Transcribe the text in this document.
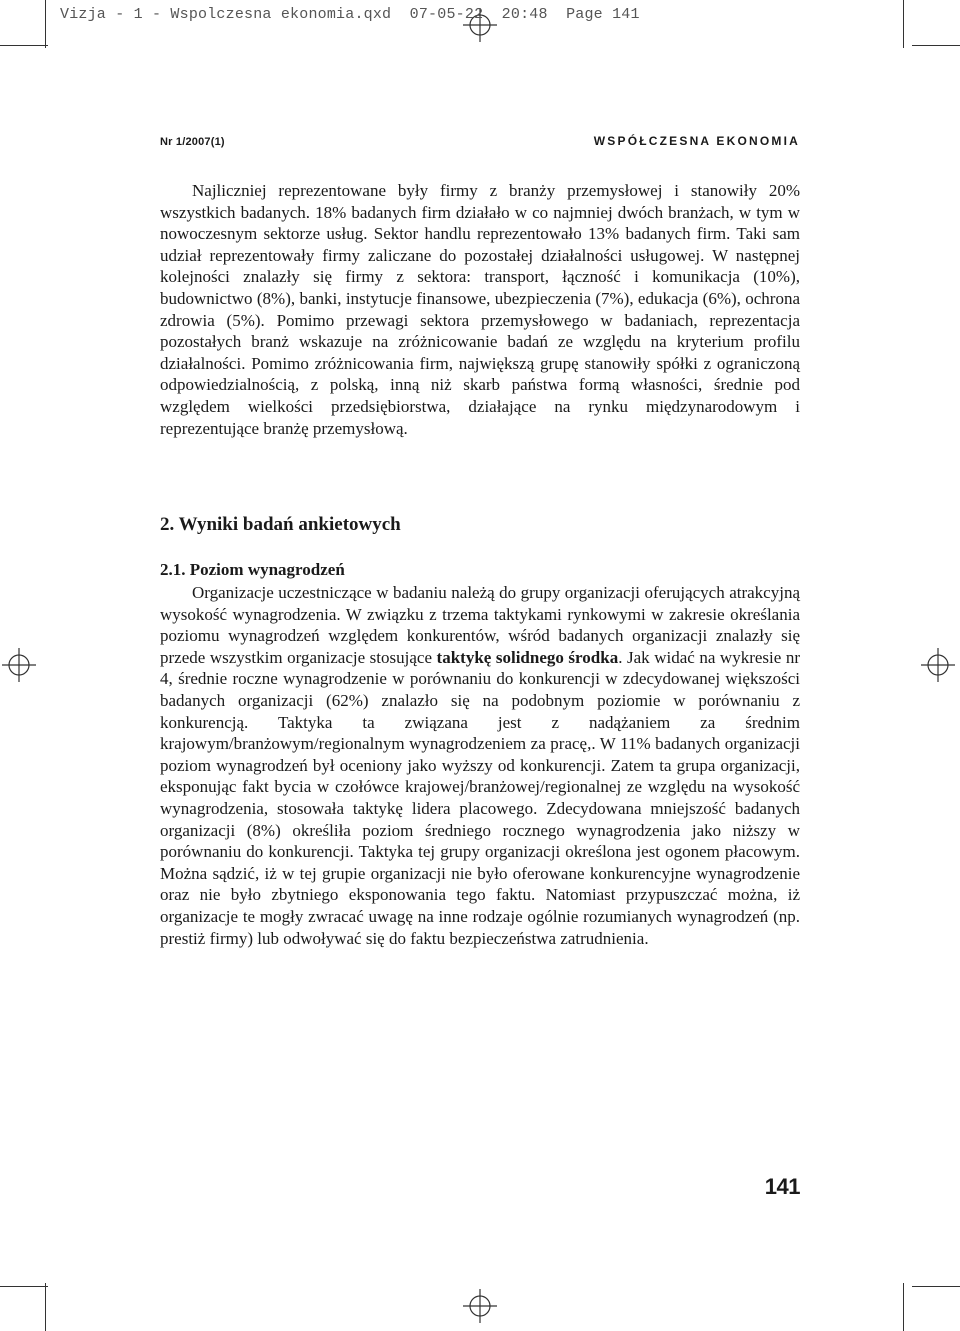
Vizja - 1 - Wspolczesna ekonomia.qxd  07-05-22  20:48  Page 141
Nr 1/2007(1)	WSPÓŁCZESNA EKONOMIA

Najliczniej reprezentowane były firmy z branży przemysłowej i stanowiły 20% wszystkich badanych. 18% badanych firm działało w co najmniej dwóch branżach, w tym w nowoczesnym sektorze usług. Sektor handlu reprezentowało 13% badanych firm. Taki sam udział reprezentowały firmy zaliczane do pozostałej działalności usługowej. W następnej kolejności znalazły się firmy z sektora: transport, łączność i komunikacja (10%), budownictwo (8%), banki, instytucje finansowe, ubezpieczenia (7%), edukacja (6%), ochrona zdrowia (5%). Pomimo przewagi sektora przemysłowego w badaniach, reprezentacja pozostałych branż wskazuje na zróżnicowanie badań ze względu na kryterium profilu działalności. Pomimo zróżnicowania firm, największą grupę stanowiły spółki z ograniczoną odpowiedzialnością, z polską, inną niż skarb państwa formą własności, średnie pod względem wielkości przedsiębiorstwa, działające na rynku międzynarodowym i reprezentujące branżę przemysłową.

2. Wyniki badań ankietowych
2.1. Poziom wynagrodzeń

Organizacje uczestniczące w badaniu należą do grupy organizacji oferujących atrakcyjną wysokość wynagrodzenia. W związku z trzema taktykami rynkowymi w zakresie określania poziomu wynagrodzeń względem konkurentów, wśród badanych organizacji znalazły się przede wszystkim organizacje stosujące taktykę solidnego środka. Jak widać na wykresie nr 4, średnie roczne wynagrodzenie w porównaniu do konkurencji w zdecydowanej większości badanych organizacji (62%) znalazło się na podobnym poziomie w porównaniu z konkurencją. Taktyka ta związana jest z nadążaniem za średnim krajowym/branżowym/regionalnym wynagrodzeniem za pracę,. W 11% badanych organizacji poziom wynagrodzeń był oceniony jako wyższy od konkurencji. Zatem ta grupa organizacji, eksponując fakt bycia w czołówce krajowej/branżowej/regionalnej ze względu na wysokość wynagrodzenia, stosowała taktykę lidera placowego. Zdecydowana mniejszość badanych organizacji (8%) określiła poziom średniego rocznego wynagrodzenia jako niższy w porównaniu do konkurencji. Taktyka tej grupy organizacji określona jest ogonem płacowym. Można sądzić, iż w tej grupie organizacji nie było oferowane konkurencyjne wynagrodzenie oraz nie było zbytniego eksponowania tego faktu. Natomiast przypuszczać można, iż organizacje te mogły zwracać uwagę na inne rodzaje ogólnie rozumianych wynagrodzeń (np. prestiż firmy) lub odwoływać się do faktu bezpieczeństwa zatrudnienia.

141
